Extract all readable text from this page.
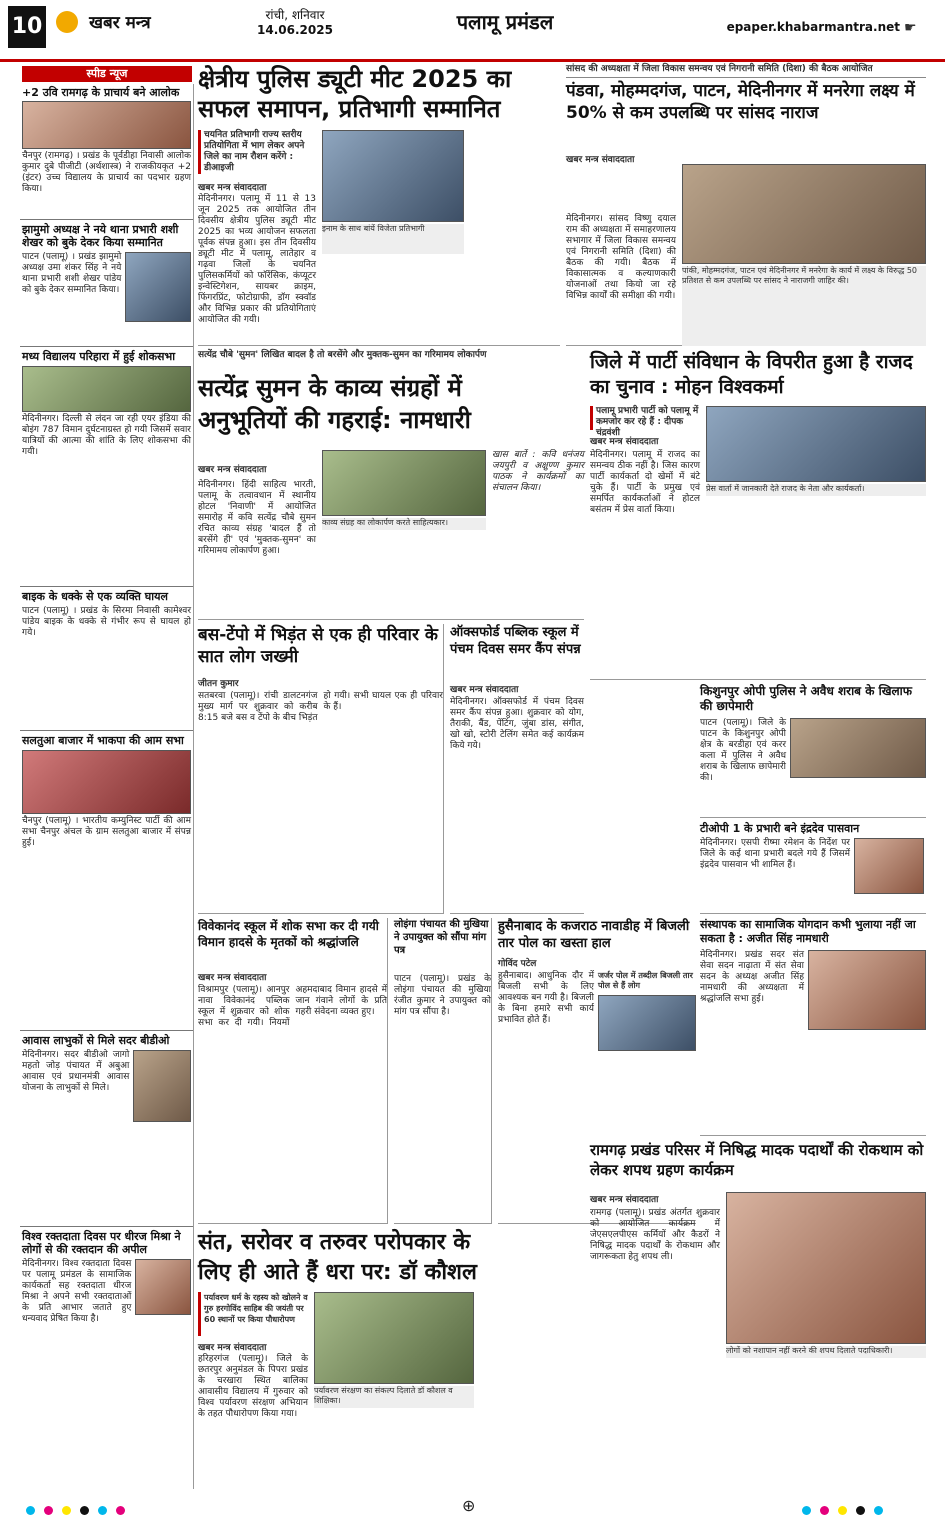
10	खबर मन्त्र	रांची, शनिवार
14.06.2025	पलामू प्रमंडल	epaper.khabarmantra.net ☛
स्पीड न्यूज
+2 उवि रामगढ़ के प्राचार्य बने आलोक
चैनपुर (रामगढ़) । प्रखंड के पूर्वडीहा निवासी आलोक कुमार दुबे पीजीटी (अर्थशास्त्र) ने राजकीयकृत +2 (इंटर) उच्च विद्यालय के प्राचार्य का पदभार ग्रहण किया।
झामुमो अध्यक्ष ने नये थाना प्रभारी शशी शेखर को बुके देकर किया सम्मानित
पाटन (पलामू) । प्रखंड झामुमो अध्यक्ष उमा शंकर सिंह ने नये थाना प्रभारी शशी शेखर पांडेय को बुके देकर सम्मानित किया।
मध्य विद्यालय परिहारा में हुई शोकसभा
मेदिनीनगर। दिल्ली से लंदन जा रही एयर इंडिया की बोइंग 787 विमान दुर्घटनाग्रस्त हो गयी जिसमें सवार यात्रियों की आत्मा की शांति के लिए शोकसभा की गयी।
बाइक के धक्के से एक व्यक्ति घायल
पाटन (पलामू) । प्रखंड के सिरमा निवासी कामेश्वर पांडेय बाइक के धक्के से गंभीर रूप से घायल हो गये।
सलतुआ बाजार में भाकपा की आम सभा
चैनपुर (पलामू) । भारतीय कम्युनिस्ट पार्टी की आम सभा चैनपुर अंचल के ग्राम सलतुआ बाजार में संपन्न हुई।
आवास लाभुकों से मिले सदर बीडीओ
मेदिनीनगर। सदर बीडीओ जागो महतो जोड़ पंचायत में अबुआ आवास एवं प्रधानमंत्री आवास योजना के लाभुकों से मिले।
विश्व रक्तदाता दिवस पर धीरज मिश्रा ने लोगों से की रक्तदान की अपील
मेदिनीनगर। विश्व रक्तदाता दिवस पर पलामू प्रमंडल के सामाजिक कार्यकर्ता सह रक्तदाता धीरज मिश्रा ने अपने सभी रक्तदाताओं के प्रति आभार जताते हुए धन्यवाद प्रेषित किया है।
क्षेत्रीय पुलिस ड्यूटी मीट 2025 का
सफल समापन, प्रतिभागी सम्मानित
चयनित प्रतिभागी राज्य स्तरीय प्रतियोगिता में भाग लेकर अपने जिले का नाम रौशन करेंगे : डीआइजी
खबर मन्त्र संवाददाता
मेदिनीनगर। पलामू में 11 से 13 जून 2025 तक आयोजित तीन दिवसीय क्षेत्रीय पुलिस ड्यूटी मीट 2025 का भव्य आयोजन सफलता पूर्वक संपन्न हुआ। इस तीन दिवसीय ड्यूटी मीट में पलामू, लातेहार व गढ़वा जिलों के चयनित पुलिसकर्मियों को फॉरेंसिक, कंप्यूटर इन्वेस्टिगेशन, सायबर क्राइम, फिंगरप्रिंट, फोटोग्राफी, डॉग स्क्वॉड और विभिन्न प्रकार की प्रतियोगिताएं आयोजित की गयी।
इनाम के साथ बांयें विजेता प्रतिभागी
सांसद की अध्यक्षता में जिला विकास समन्वय एवं निगरानी समिति (दिशा) की बैठक आयोजित
पंडवा, मोहम्मदगंज, पाटन, मेदिनीनगर में मनरेगा लक्ष्य में 50% से कम उपलब्धि पर सांसद नाराज
खबर मन्त्र संवाददाता
मेदिनीनगर। सांसद विष्णु दयाल राम की अध्यक्षता में समाहरणालय सभागार में जिला विकास समन्वय एवं निगरानी समिति (दिशा) की बैठक की गयी। बैठक में विकासात्मक व कल्याणकारी योजनाओं तथा कियो जा रहे विभिन्न कार्यों की समीक्षा की गयी।
पांकी, मोहम्मदगंज, पाटन एवं मेदिनीनगर में मनरेगा के कार्य में लक्ष्य के विरुद्ध 50 प्रतिशत से कम उपलब्धि पर सांसद ने नाराजगी जाहिर की।
सत्येंद्र चौबे 'सुमन' लिखित बादल है तो बरसेंगे और मुक्तक-सुमन का गरिमामय लोकार्पण
सत्येंद्र सुमन के काव्य संग्रहों में
अनुभूतियों की गहराई: नामधारी
खबर मन्त्र संवाददाता
मेदिनीनगर। हिंदी साहित्य भारती, पलामू के तत्वावधान में स्थानीय होटल 'निवाणी' में आयोजित समारोह में कवि सत्येंद्र चौबे सुमन रचित काव्य संग्रह 'बादल हैं तो बरसेंगे ही' एवं 'मुक्तक-सुमन' का गरिमामय लोकार्पण हुआ।
काव्य संग्रह का लोकार्पण करते साहित्यकार।
खास बातें : कवि धनंजय जयपुरी व अक्षुण्ण कुमार पाठक ने कार्यक्रमों का संचालन किया।
जिले में पार्टी संविधान के विपरीत हुआ है राजद का चुनाव : मोहन विश्वकर्मा
पलामू प्रभारी पार्टी को पलामू में कमजोर कर रहे हैं : दीपक चंद्रवंशी
खबर मन्त्र संवाददाता
मेदिनीनगर। पलामू में राजद का समन्वय ठीक नहीं है। जिस कारण पार्टी कार्यकर्ता दो खेमों में बंटे चुके हैं। पार्टी के प्रमुख एवं समर्पित कार्यकर्ताओं ने होटल बसंतम में प्रेस वार्ता किया।
प्रेस वार्ता में जानकारी देते राजद के नेता और कार्यकर्ता।
बस-टेंपो में भिड़ंत से एक ही परिवार के सात लोग जख्मी
जीतन कुमार
सतबरवा (पलामू)। रांची डालटनगंज मुख्य मार्ग पर शुक्रवार को करीब 8:15 बजे बस व टेंपो के बीच भिड़ंत हो गयी। सभी घायल एक ही परिवार के हैं।
ऑक्सफोर्ड पब्लिक स्कूल में पंचम दिवस समर कैंप संपन्न
खबर मन्त्र संवाददाता
मेदिनीनगर। ऑक्सफोर्ड में पंचम दिवस समर कैंप संपन्न हुआ। शुक्रवार को योग, तैराकी, बैंड, पेंटिंग, जुंबा डांस, संगीत, खो खो, स्टोरी टेलिंग समेत कई कार्यक्रम किये गये।
किशुनपुर ओपी पुलिस ने अवैध शराब के खिलाफ की छापेमारी
पाटन (पलामू)। जिले के पाटन के किशुनपुर ओपी क्षेत्र के बरडीहा एवं करर कला में पुलिस ने अवैध शराब के खिलाफ छापेमारी की।
टीओपी 1 के प्रभारी बने इंद्रदेव पासवान
मेदिनीनगर। एसपी रीष्मा रमेशन के निर्देश पर जिले के कई थाना प्रभारी बदले गये हैं जिसमें इंद्रदेव पासवान भी शामिल हैं।
विवेकानंद स्कूल में शोक सभा कर दी गयी विमान हादसे के मृतकों को श्रद्धांजलि
खबर मन्त्र संवाददाता
विश्रामपुर (पलामू)। आनपुर नावा विवेकानंद पब्लिक स्कूल में शुक्रवार को शोक सभा कर दी गयी। नियमों अहमदाबाद विमान हादसे में जान गंवाने लोगों के प्रति गहरी संवेदना व्यक्त हुए।
लोइंगा पंचायत की मुखिया ने उपायुक्त को सौंपा मांग पत्र
पाटन (पलामू)। प्रखंड के लोइंगा पंचायत की मुखिया रंजीत कुमार ने उपायुक्त को मांग पत्र सौंपा है।
हुसैनाबाद के कजराठ नावाडीह में बिजली तार पोल का खस्ता हाल
गोविंद पटेल
हुसैनाबाद। आधुनिक दौर में बिजली सभी के लिए आवश्यक बन गयी है। बिजली के बिना हमारे सभी कार्य प्रभावित होते हैं।
जर्जर पोल में तब्दील बिजली तार पोल से हैं लोग
संस्थापक का सामाजिक योगदान कभी भुलाया नहीं जा सकता है : अजीत सिंह नामधारी
मेदिनीनगर। प्रखंड सदर संत सेवा सदन नाढ़ाता में संत सेवा सदन के अध्यक्ष अजीत सिंह नामधारी की अध्यक्षता में श्रद्धांजलि सभा हुई।
संत, सरोवर व तरुवर परोपकार के
लिए ही आते हैं धरा पर: डॉ कौशल
पर्यावरण धर्म के रहस्य को खोलने व गुरु हरगोविंद साहिब की जयंती पर 60 स्थानों पर किया पौधारोपण
खबर मन्त्र संवाददाता
हरिहरगंज (पलामू)। जिले के छतरपुर अनुमंडल के पिपरा प्रखंड के चरखारा स्थित बालिका आवासीय विद्यालय में गुरुवार को विश्व पर्यावरण संरक्षण अभियान के तहत पौधारोपण किया गया।
पर्यावरण संरक्षण का संकल्प दिलाते डॉ कौशल व शिक्षिका।
रामगढ़ प्रखंड परिसर में निषिद्ध मादक पदार्थों की रोकथाम को लेकर शपथ ग्रहण कार्यक्रम
खबर मन्त्र संवाददाता
रामगढ़ (पलामू)। प्रखंड अंतर्गत शुक्रवार को आयोजित कार्यक्रम में जेएसएलपीएस कर्मियों और कैडरों ने निषिद्ध मादक पदार्थों के रोकथाम और जागरूकता हेतु शपथ ली।
लोगों को नशापान नहीं करने की शपथ दिलाते पदाधिकारी।

⊕
